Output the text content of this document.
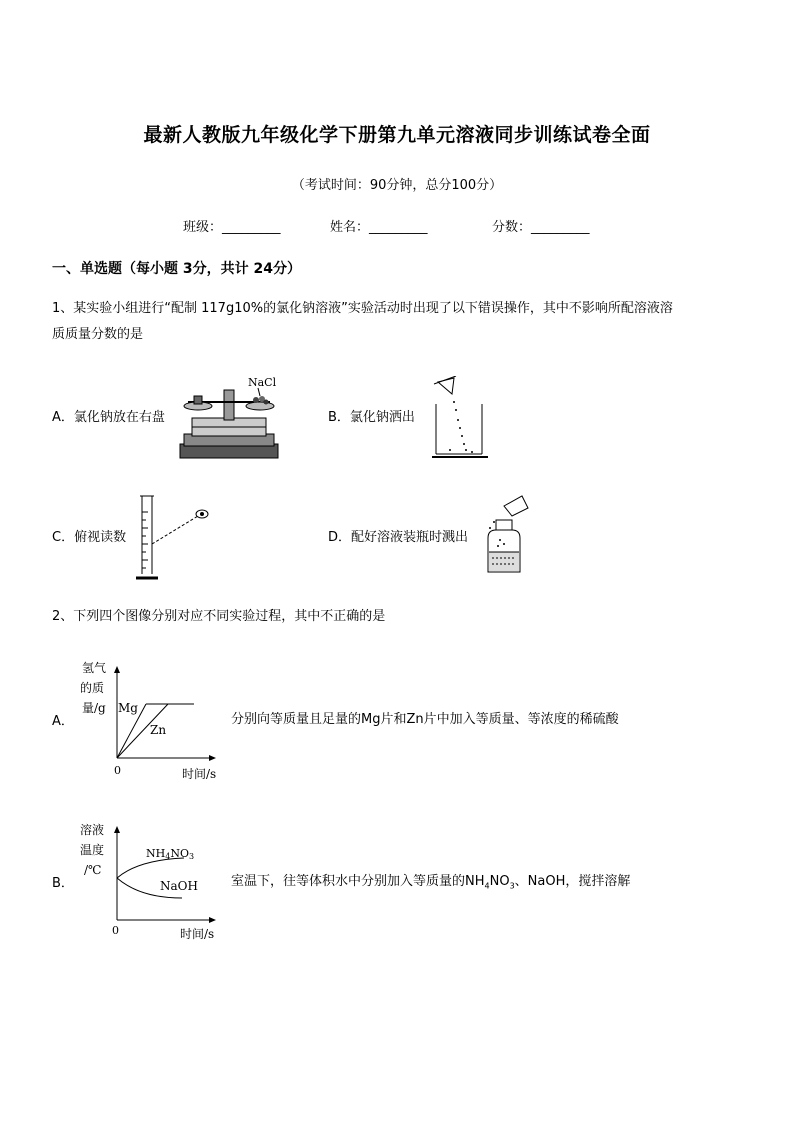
最新人教版九年级化学下册第九单元溶液同步训练试卷全面
（考试时间：90分钟，总分100分）
班级：_________	姓名：_________	分数：_________
一、单选题（每小题 3分，共计 24分）
1、某实验小组进行“配制 117g10%的氯化钠溶液”实验活动时出现了以下错误操作，其中不影响所配溶液溶
质质量分数的是
A．氯化钠放在右盘
NaCl
B．氯化钠洒出
C．俯视读数	D．配好溶液装瓶时溅出
2、下列四个图像分别对应不同实验过程，其中不正确的是
A．	分别向等质量且足量的Mg片和Zn片中加入等质量、等浓度的稀硫酸
氢气
的质
量/g Mg
Zn
0	时间/s
B．	室温下，往等体积水中分别加入等质量的$NH_4NO_3$、NaOH，搅拌溶解
溶液
温度
/℃
NH4NO3
NaOH
0	时间/s
